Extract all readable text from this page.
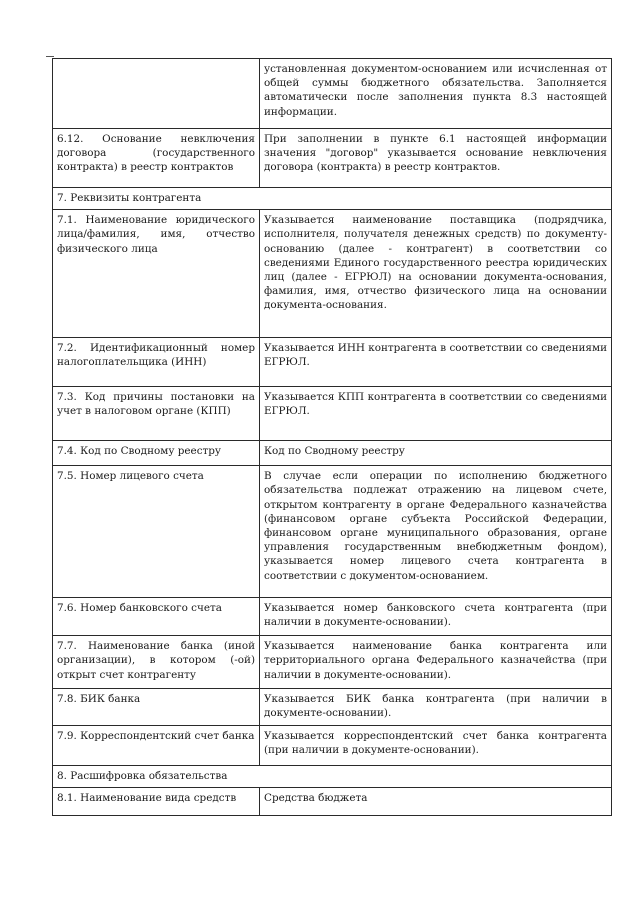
	установленная документом-основанием или исчисленная от общей суммы бюджетного обязательства. Заполняется автоматически после заполнения пункта 8.3 настоящей информации.
6.12. Основание невключения договора (государственного контракта) в реестр контрактов	При заполнении в пункте 6.1 настоящей информации значения "договор" указывается основание невключения договора (контракта) в реестр контрактов.
7. Реквизиты контрагента	
7.1. Наименование юридического лица/фамилия, имя, отчество физического лица	Указывается наименование поставщика (подрядчика, исполнителя, получателя денежных средств) по документу-основанию (далее - контрагент) в соответствии со сведениями Единого государственного реестра юридических лиц (далее - ЕГРЮЛ) на основании документа-основания, фамилия, имя, отчество физического лица на основании документа-основания.
7.2. Идентификационный номер налогоплательщика (ИНН)	Указывается ИНН контрагента в соответствии со сведениями ЕГРЮЛ.
7.3. Код причины постановки на учет в налоговом органе (КПП)	Указывается КПП контрагента в соответствии со сведениями ЕГРЮЛ.
7.4. Код по Сводному реестру	Код по Сводному реестру
7.5. Номер лицевого счета	В случае если операции по исполнению бюджетного обязательства подлежат отражению на лицевом счете, открытом контрагенту в органе Федерального казначейства (финансовом органе субъекта Российской Федерации, финансовом органе муниципального образования, органе управления государственным внебюджетным фондом), указывается номер лицевого счета контрагента в соответствии с документом-основанием.
7.6. Номер банковского счета	Указывается номер банковского счета контрагента (при наличии в документе-основании).
7.7. Наименование банка (иной организации), в котором (-ой) открыт счет контрагенту	Указывается наименование банка контрагента или территориального органа Федерального казначейства (при наличии в документе-основании).
7.8. БИК банка	Указывается БИК банка контрагента (при наличии в документе-основании).
7.9. Корреспондентский счет банка	Указывается корреспондентский счет банка контрагента (при наличии в документе-основании).
8. Расшифровка обязательства	
8.1. Наименование вида средств	Средства бюджета
